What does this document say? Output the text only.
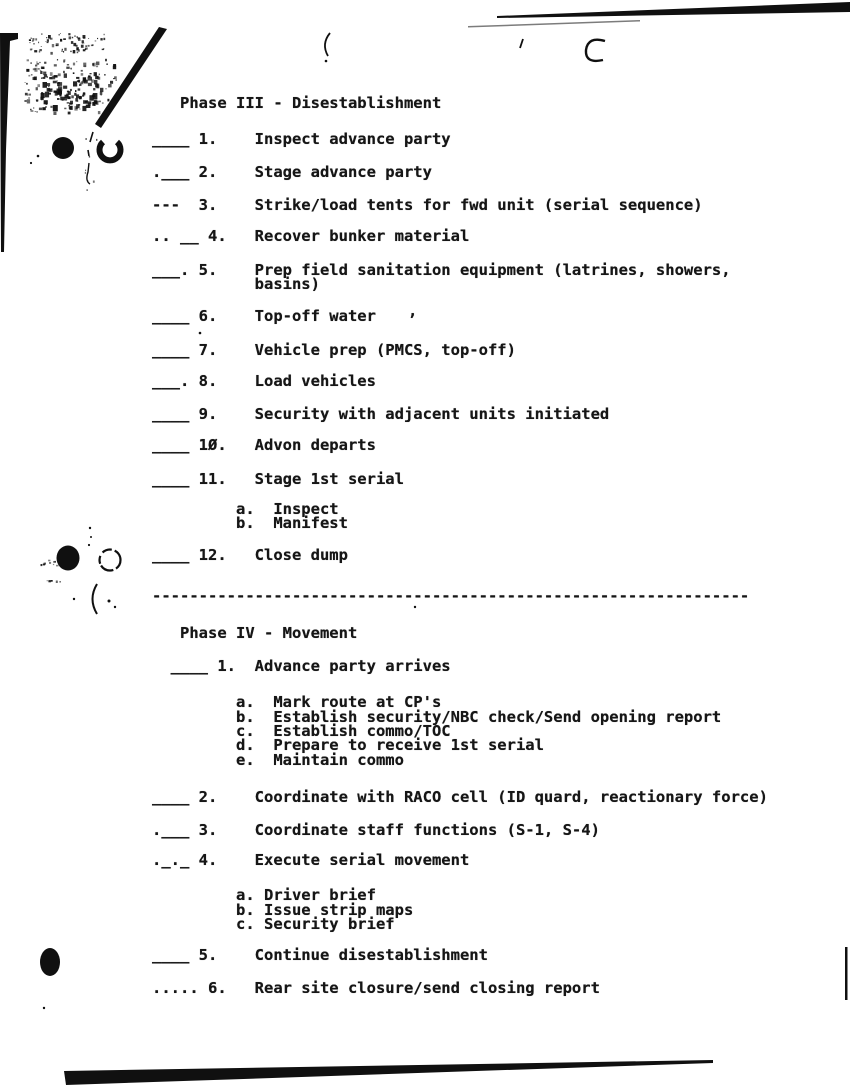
,
Phase III - Disestablishment
____ 1.    Inspect advance party
.___ 2.    Stage advance party
---  3.    Strike/load tents for fwd unit (serial sequence)
.. __ 4.   Recover bunker material
___. 5.    Prep field sanitation equipment (latrines, showers,
basins)
____ 6.    Top-off water
____ 7.    Vehicle prep (PMCS, top-off)
___. 8.    Load vehicles
____ 9.    Security with adjacent units initiated
____ 1Ø.   Advon departs
____ 11.   Stage 1st serial
a.  Inspect
b.  Manifest
____ 12.   Close dump
----------------------------------------------------------------
Phase IV - Movement
____ 1.  Advance party arrives
a.  Mark route at CP's
b.  Establish security/NBC check/Send opening report
c.  Establish commo/TOC
d.  Prepare to receive 1st serial
e.  Maintain commo
____ 2.    Coordinate with RACO cell (ID quard, reactionary force)
.___ 3.    Coordinate staff functions (S-1, S-4)
._._ 4.    Execute serial movement
a. Driver brief
b. Issue strip maps
c. Security brief
____ 5.    Continue disestablishment
..... 6.   Rear site closure/send closing report
